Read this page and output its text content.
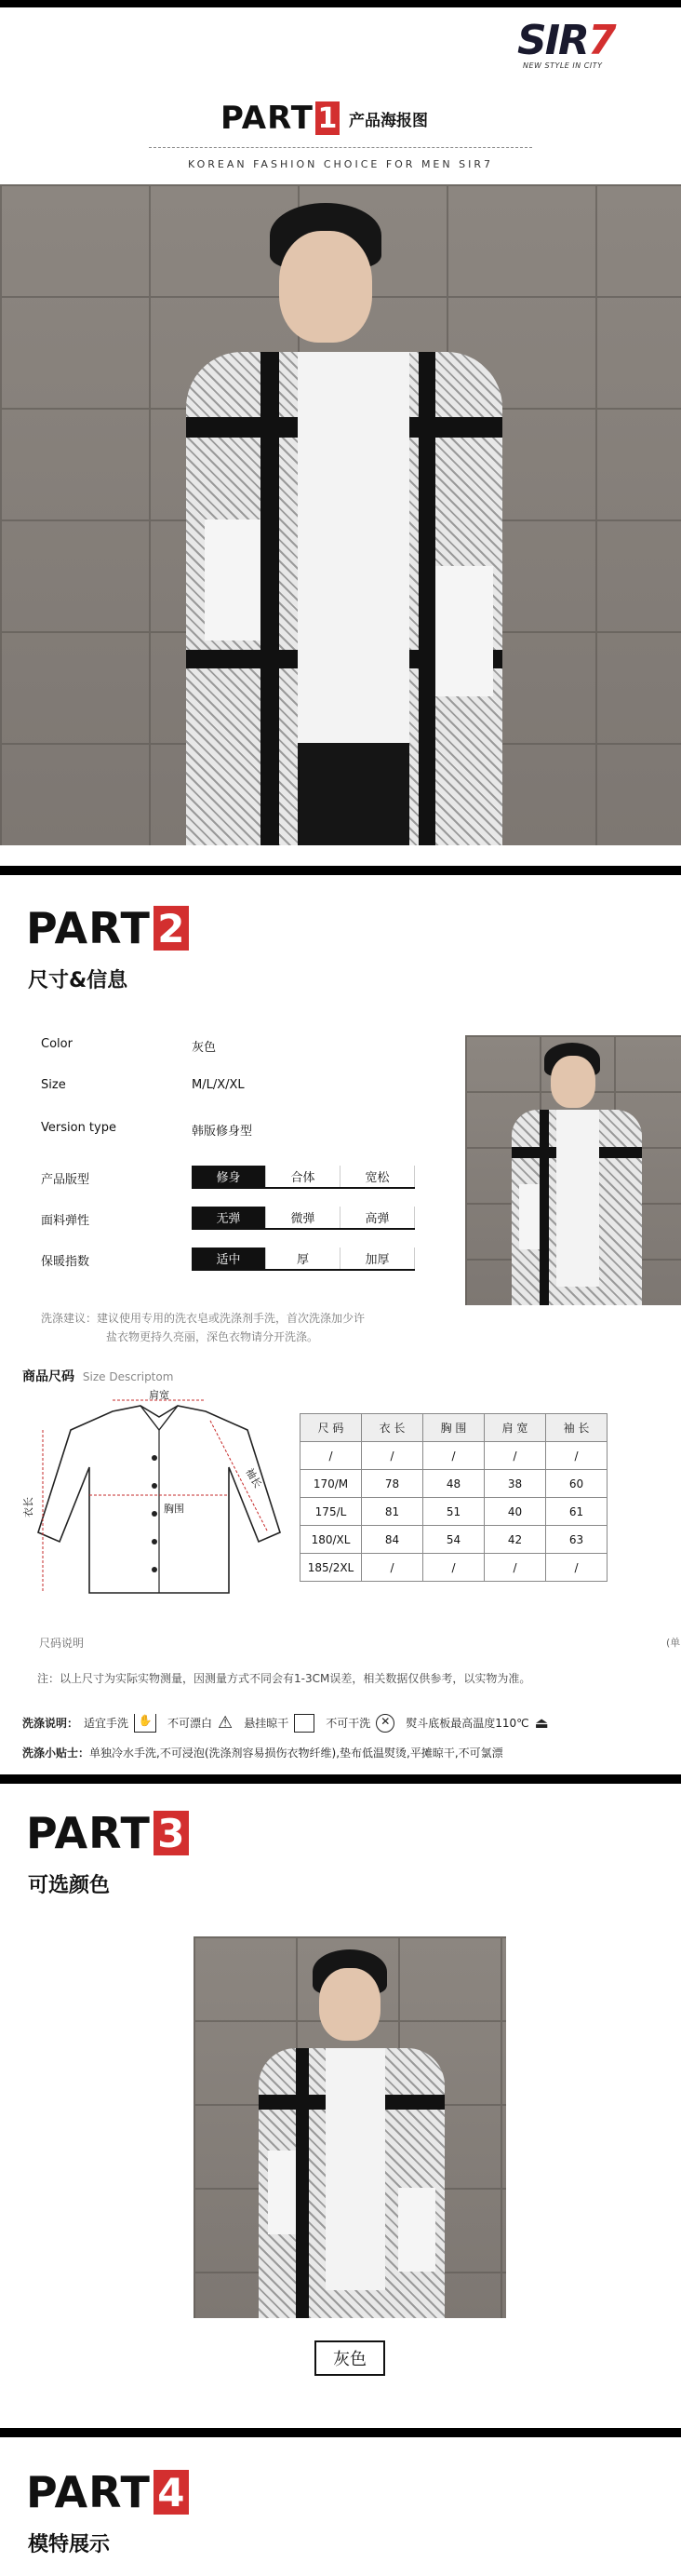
SIR7
NEW STYLE IN CITY
PART 1 产品海报图
KOREAN FASHION CHOICE FOR MEN SIR7
PART 2
尺寸&信息
Color	灰色
Size	M/L/X/XL
Version type	韩版修身型
产品版型	修身	合体	宽松
面料弹性	无弹	微弹	高弹
保暖指数	适中	厚	加厚
洗涤建议：建议使用专用的洗衣皂或洗涤剂手洗，首次洗涤加少许
盐衣物更持久亮丽，深色衣物请分开洗涤。
商品尺码 Size Descriptom
肩宽
袖长
衣长	胸围
尺 码	衣 长	胸 围	肩 宽	袖 长
/	/	/	/	/
170/M	78	48	38	60
175/L	81	51	40	61
180/XL	84	54	42	63
185/2XL	/	/	/	/
尺码说明	(单
注：以上尺寸为实际实物测量，因测量方式不同会有1-3CM误差，相关数据仅供参考，以实物为准。
洗涤说明： 适宜手洗 ✋	不可漂白 ⚠ 悬挂晾干	不可干洗 ✕	熨斗底板最高温度110℃ ⏏
洗涤小贴士：单独冷水手洗,不可浸泡(洗涤剂容易损伤衣物纤维),垫布低温熨烫,平摊晾干,不可氯漂
PART 3
可选颜色
灰色
PART 4
模特展示
